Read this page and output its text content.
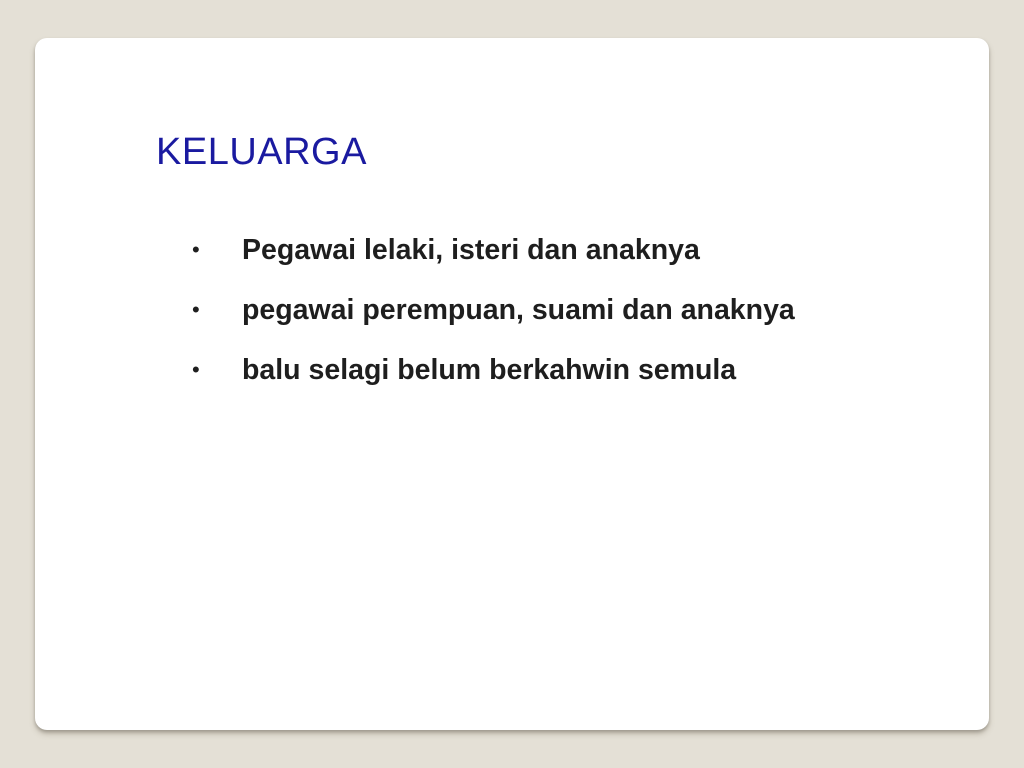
KELUARGA
• Pegawai lelaki, isteri dan anaknya
• pegawai perempuan, suami dan anaknya
• balu selagi belum berkahwin semula
